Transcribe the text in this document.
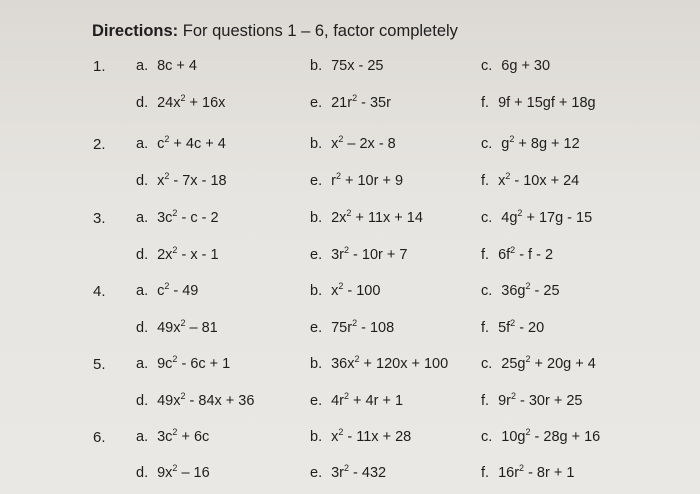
Directions: For questions 1 – 6, factor completely
1. a. 8c + 4	b. 75x - 25	c. 6g + 30
d. $24x^2 + 16x$	e. $21r^2 - 35r$	f. 9f + 15gf + 18g
2. a. $c^2 + 4c + 4$	b. $x^2 - 2x - 8$	c. $g^2 + 8g + 12$
d. $x^2 - 7x - 18$	e. $r^2 + 10r + 9$	f. $x^2 - 10x + 24$
3. a. $3c^2$ - c - 2	b. $2x^2 + 11x + 14$	c. $4g^2 + 17g - 15$
d. $2x^2$ - x - 1	e. $3r^2 - 10r + 7$	f. $6f^2$ - f - 2
4. a. $c^2 - 49$	b. $x^2 - 100$	c. $36g^2 - 25$
d. $49x^2 - 81$	e. $75r^2 - 108$	f. $5f^2 - 20$
5. a. $9c^2 - 6c + 1$	b. $36x^2 + 120x + 100$ c. $25g^2 + 20g + 4$
d. $49x^2 - 84x + 36$	e. $4r^2 + 4r + 1$	f. $9r^2 - 30r + 25$
6. a. $3c^2 + 6c$	b. $x^2 - 11x + 28$	c. $10g^2 - 28g + 16$
d. $9x^2 - 16$	e. $3r^2 - 432$	f. $16r^2 - 8r + 1$
